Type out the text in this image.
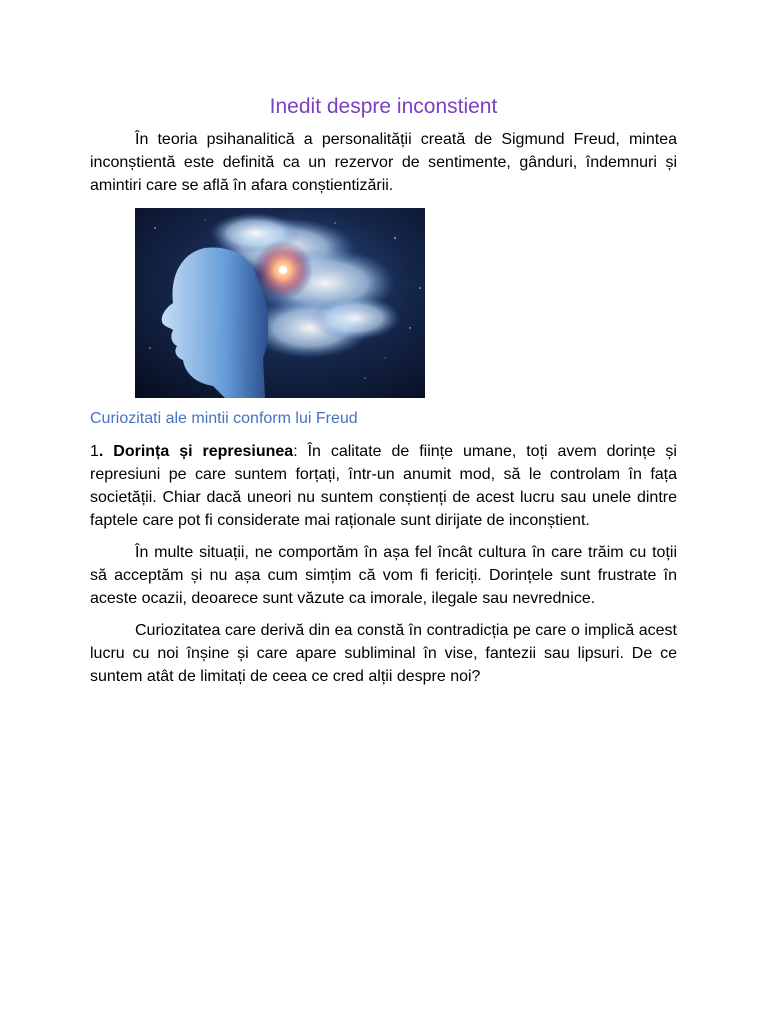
Inedit despre inconstient

În teoria psihanalitică a personalității creată de Sigmund Freud, mintea inconștientă este definită ca un rezervor de sentimente, gânduri, îndemnuri și amintiri care se află în afara conștientizării.

Curiozitati ale mintii conform lui Freud

1. Dorința și represiunea: În calitate de ființe umane, toți avem dorințe și represiuni pe care suntem forțați, într-un anumit mod, să le controlam în fața societății. Chiar dacă uneori nu suntem conștienți de acest lucru sau unele dintre faptele care pot fi considerate mai raționale sunt dirijate de inconștient.

În multe situații, ne comportăm în așa fel încât cultura în care trăim cu toții să acceptăm și nu așa cum simțim că vom fi fericiți. Dorințele sunt frustrate în aceste ocazii, deoarece sunt văzute ca imorale, ilegale sau nevrednice.

Curiozitatea care derivă din ea constă în contradicția pe care o implică acest lucru cu noi înșine și care apare subliminal în vise, fantezii sau lipsuri. De ce suntem atât de limitați de ceea ce cred alții despre noi?
